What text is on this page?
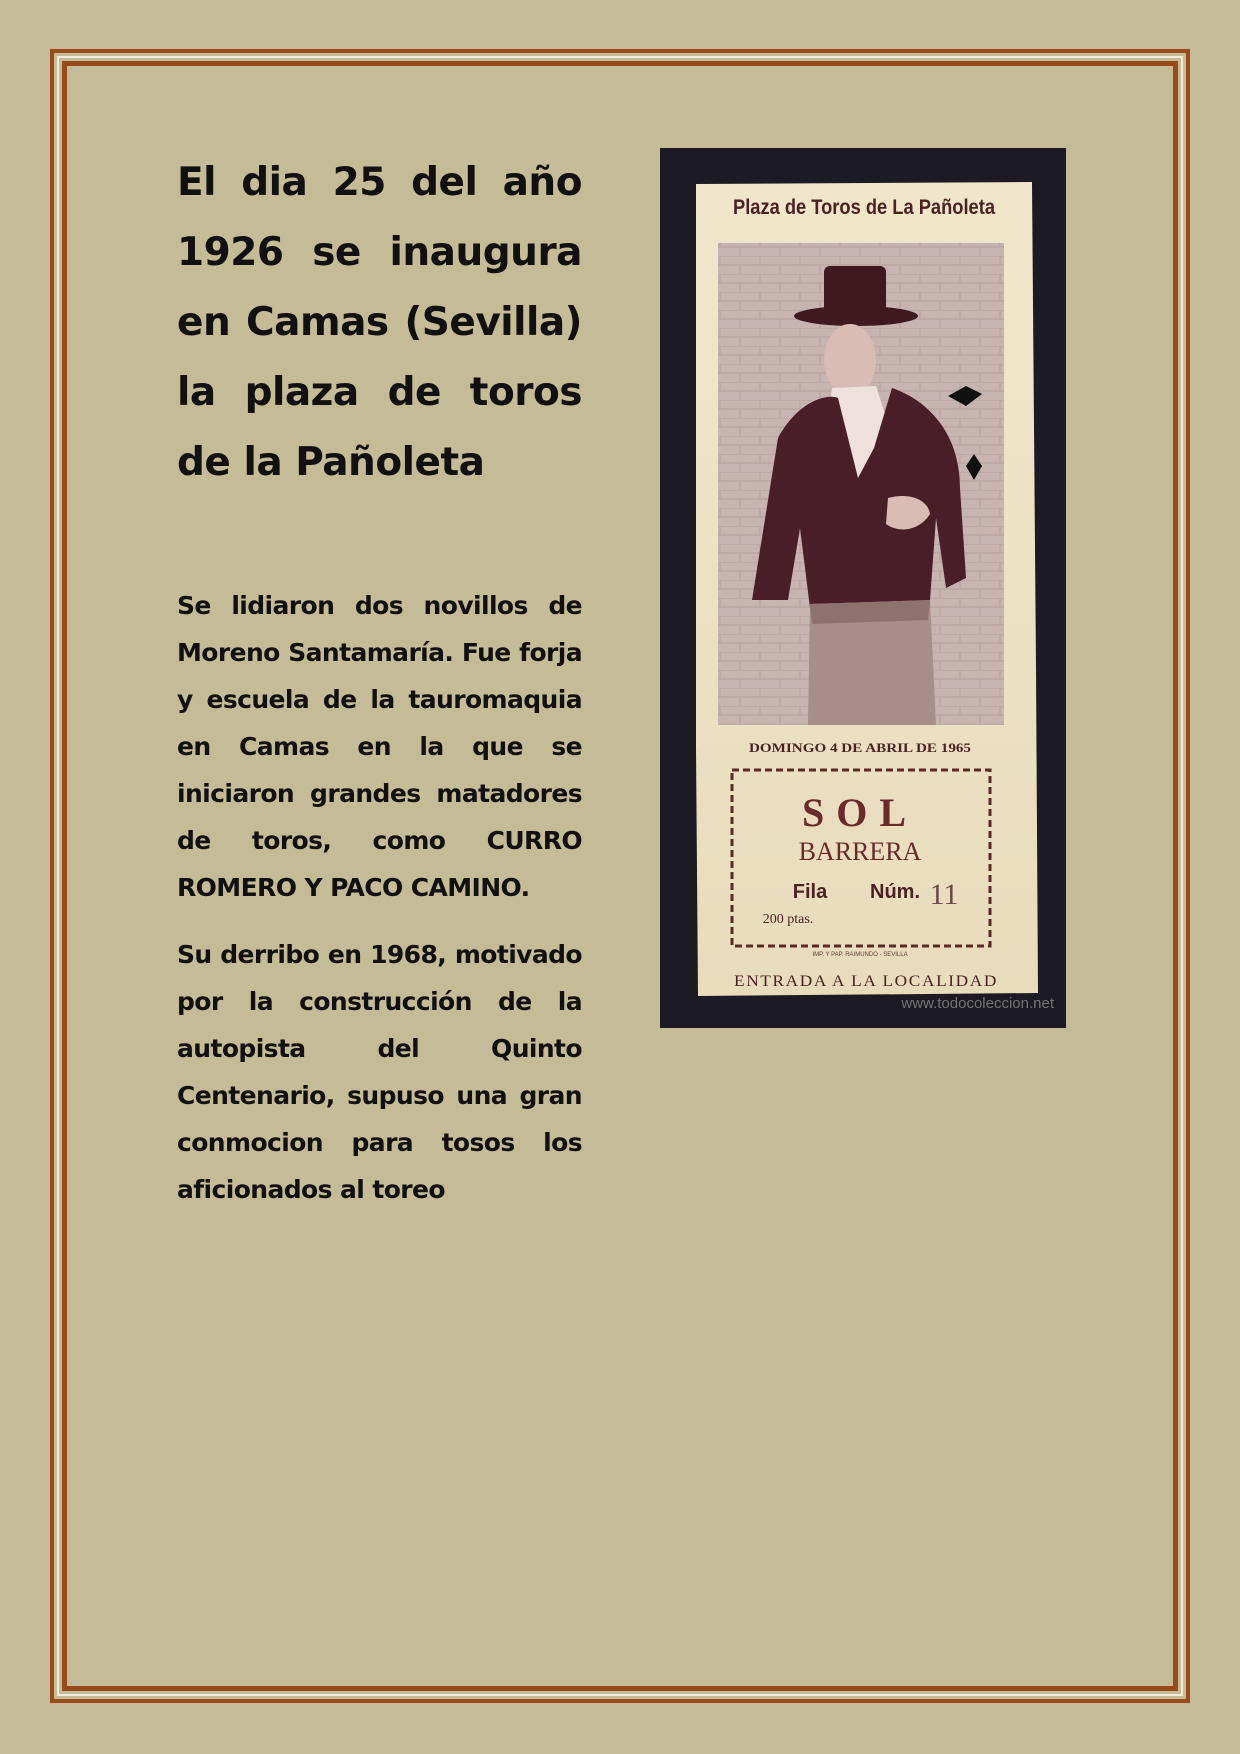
El dia 25 del año 1926 se inaugura en Camas (Sevilla) la plaza de toros de la Pañoleta

Se lidiaron dos novillos de Moreno Santamaría. Fue forja y escuela de la tauromaquia en Camas en la que se iniciaron grandes matadores de toros, como CURRO ROMERO Y PACO CAMINO.

Su derribo en 1968, motivado por la construcción de la autopista del Quinto Centenario, supuso una gran conmocion para tosos los aficionados al toreo

Plaza de Toros de La Pañoleta
DOMINGO 4 DE ABRIL DE 1965
SOL
BARRERA
Fila Núm. 11
200 ptas.
IMP. Y PAP. RAIMUNDO - SEVILLA
ENTRADA A LA LOCALIDAD
www.todocoleccion.net
